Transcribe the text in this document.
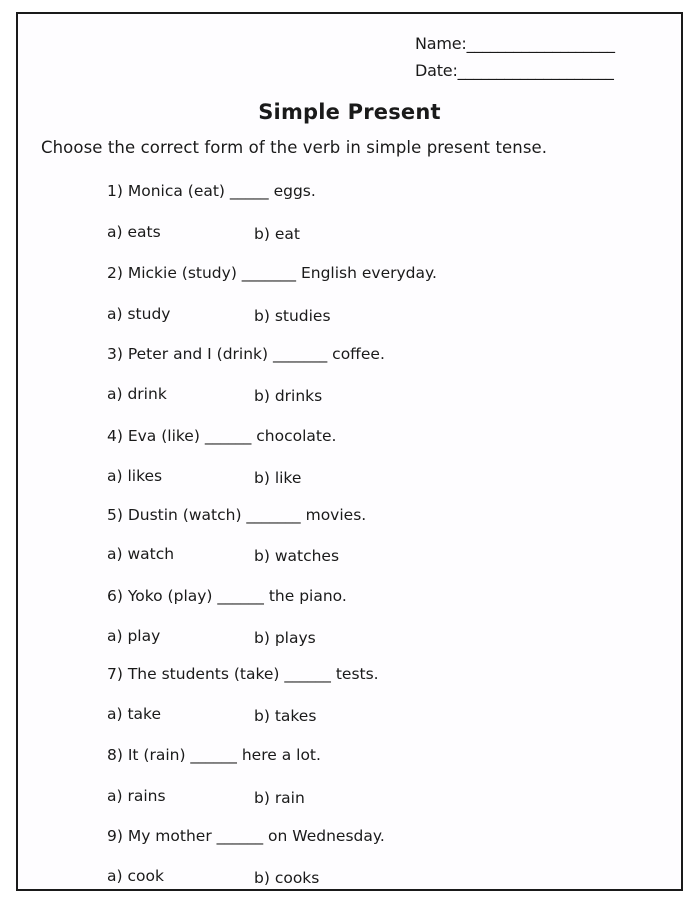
Name:___________________
Date:____________________
Simple Present
Choose the correct form of the verb in simple present tense.
1) Monica (eat) _____ eggs.
a) eats	b) eat
2) Mickie (study) _______ English everyday.
a) study	b) studies
3) Peter and I (drink) _______ coffee.
a) drink	b) drinks
4) Eva (like) ______ chocolate.
a) likes	b) like
5) Dustin (watch) _______ movies.
a) watch	b) watches
6) Yoko (play) ______ the piano.
a) play	b) plays
7) The students (take) ______ tests.
a) take	b) takes
8) It (rain) ______ here a lot.
a) rains	b) rain
9) My mother ______ on Wednesday.
a) cook	b) cooks
